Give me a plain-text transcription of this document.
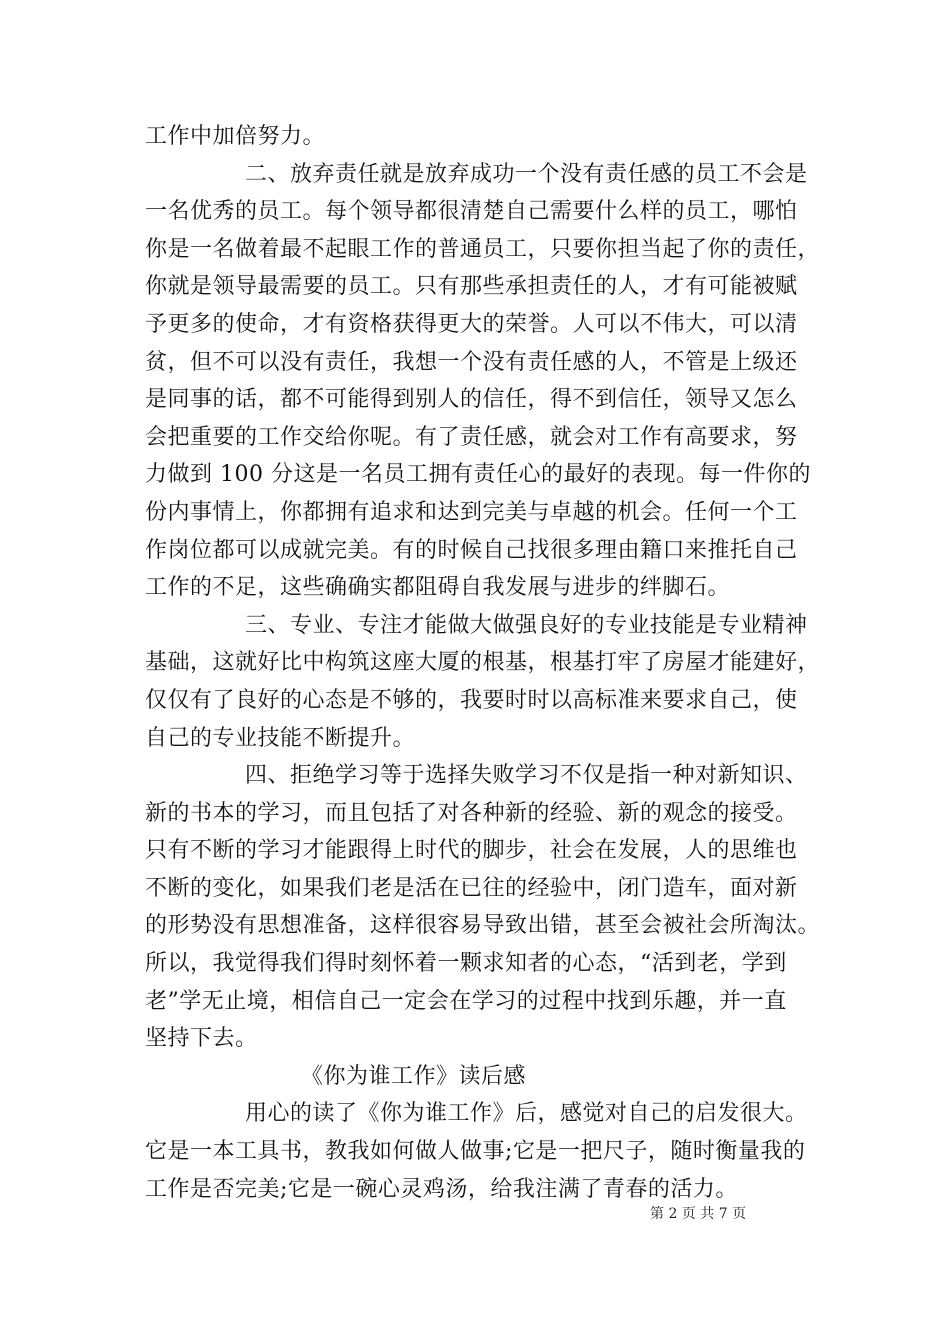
工作中加倍努力。
二、放弃责任就是放弃成功一个没有责任感的员工不会是
一名优秀的员工。每个领导都很清楚自己需要什么样的员工，哪怕
你是一名做着最不起眼工作的普通员工，只要你担当起了你的责任，
你就是领导最需要的员工。只有那些承担责任的人，才有可能被赋
予更多的使命，才有资格获得更大的荣誉。人可以不伟大，可以清
贫，但不可以没有责任，我想一个没有责任感的人，不管是上级还
是同事的话，都不可能得到别人的信任，得不到信任，领导又怎么
会把重要的工作交给你呢。有了责任感，就会对工作有高要求，努
力做到 100 分这是一名员工拥有责任心的最好的表现。每一件你的
份内事情上，你都拥有追求和达到完美与卓越的机会。任何一个工
作岗位都可以成就完美。有的时候自己找很多理由籍口来推托自己
工作的不足，这些确确实都阻碍自我发展与进步的绊脚石。
三、专业、专注才能做大做强良好的专业技能是专业精神
基础，这就好比中构筑这座大厦的根基，根基打牢了房屋才能建好，
仅仅有了良好的心态是不够的，我要时时以高标准来要求自己，使
自己的专业技能不断提升。
四、拒绝学习等于选择失败学习不仅是指一种对新知识、
新的书本的学习，而且包括了对各种新的经验、新的观念的接受。
只有不断的学习才能跟得上时代的脚步，社会在发展，人的思维也
不断的变化，如果我们老是活在已往的经验中，闭门造车，面对新
的形势没有思想准备，这样很容易导致出错，甚至会被社会所淘汰。
所以，我觉得我们得时刻怀着一颗求知者的心态，“活到老，学到
老”学无止境，相信自己一定会在学习的过程中找到乐趣，并一直
坚持下去。
《你为谁工作》读后感
用心的读了《你为谁工作》后，感觉对自己的启发很大。
它是一本工具书，教我如何做人做事;它是一把尺子，随时衡量我的
工作是否完美;它是一碗心灵鸡汤，给我注满了青春的活力。
第 2 页 共 7 页
